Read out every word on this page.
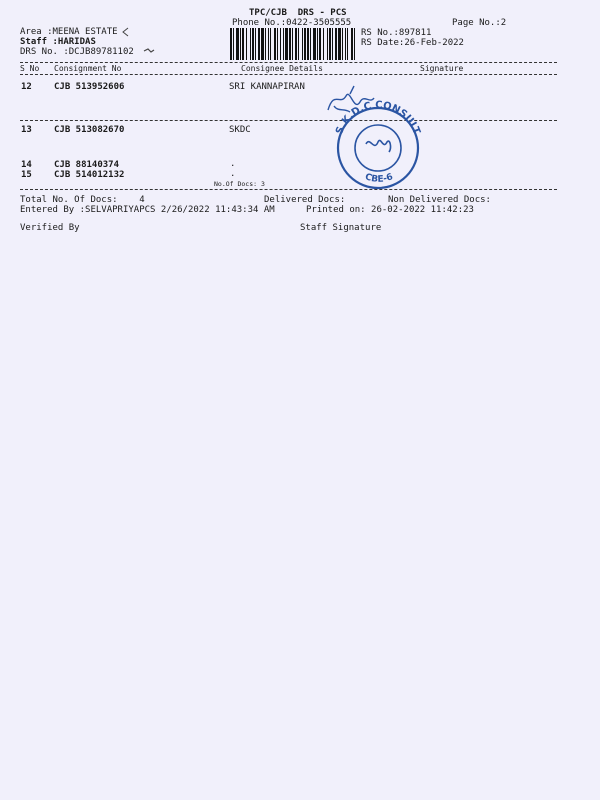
TPC/CJB  DRS - PCS
Phone No.:0422-3505555	Page No.:2
Area :MEENA ESTATE
Staff :HARIDAS
DRS No. :DCJB89781102
RS No.:897811
RS Date:26-Feb-2022
S No Consignment No	Consignee Details	Signature
12 CJB 513952606	SRI KANNAPIRAN
13 CJB 513082670	SKDC
14 CJB 88140374	.
15 CJB 514012132	.
No.Of Docs: 3
S.K.D.C CONSULT
CBE-6
Total No. Of Docs:    4	Delivered Docs:	Non Delivered Docs:
Entered By :SELVAPRIYAPCS 2/26/2022 11:43:34 AM	Printed on: 26-02-2022 11:42:23
Verified By	Staff Signature
